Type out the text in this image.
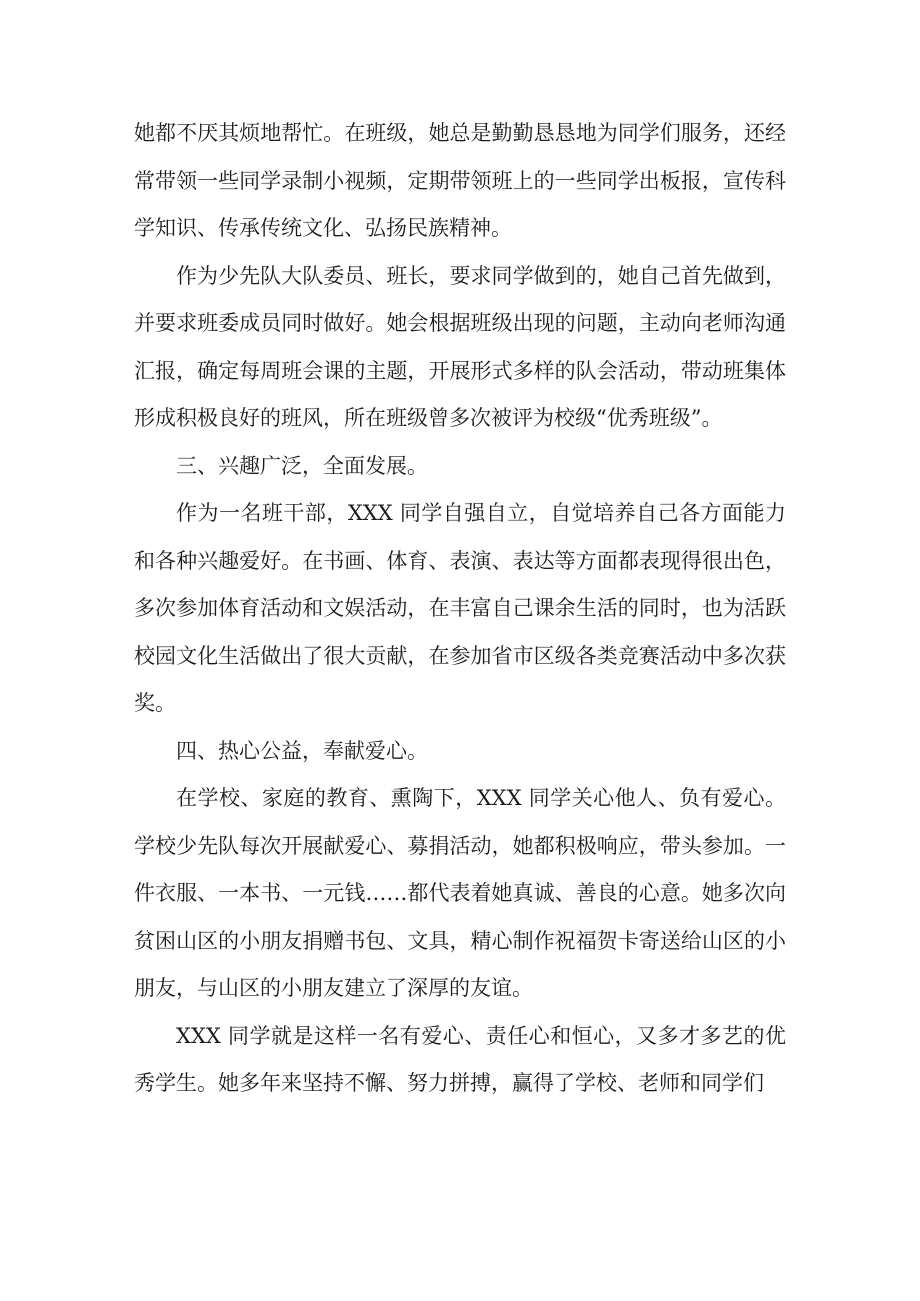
她都不厌其烦地帮忙。在班级，她总是勤勤恳恳地为同学们服务，还经常带领一些同学录制小视频，定期带领班上的一些同学出板报，宣传科学知识、传承传统文化、弘扬民族精神。

作为少先队大队委员、班长，要求同学做到的，她自己首先做到，并要求班委成员同时做好。她会根据班级出现的问题，主动向老师沟通汇报，确定每周班会课的主题，开展形式多样的队会活动，带动班集体形成积极良好的班风，所在班级曾多次被评为校级“优秀班级”。

三、兴趣广泛，全面发展。

作为一名班干部，XXX 同学自强自立，自觉培养自己各方面能力和各种兴趣爱好。在书画、体育、表演、表达等方面都表现得很出色，多次参加体育活动和文娱活动，在丰富自己课余生活的同时，也为活跃校园文化生活做出了很大贡献，在参加省市区级各类竞赛活动中多次获奖。

四、热心公益，奉献爱心。

在学校、家庭的教育、熏陶下，XXX 同学关心他人、负有爱心。学校少先队每次开展献爱心、募捐活动，她都积极响应，带头参加。一件衣服、一本书、一元钱……都代表着她真诚、善良的心意。她多次向贫困山区的小朋友捐赠书包、文具，精心制作祝福贺卡寄送给山区的小朋友，与山区的小朋友建立了深厚的友谊。

XXX 同学就是这样一名有爱心、责任心和恒心，又多才多艺的优秀学生。她多年来坚持不懈、努力拼搏，赢得了学校、老师和同学们
